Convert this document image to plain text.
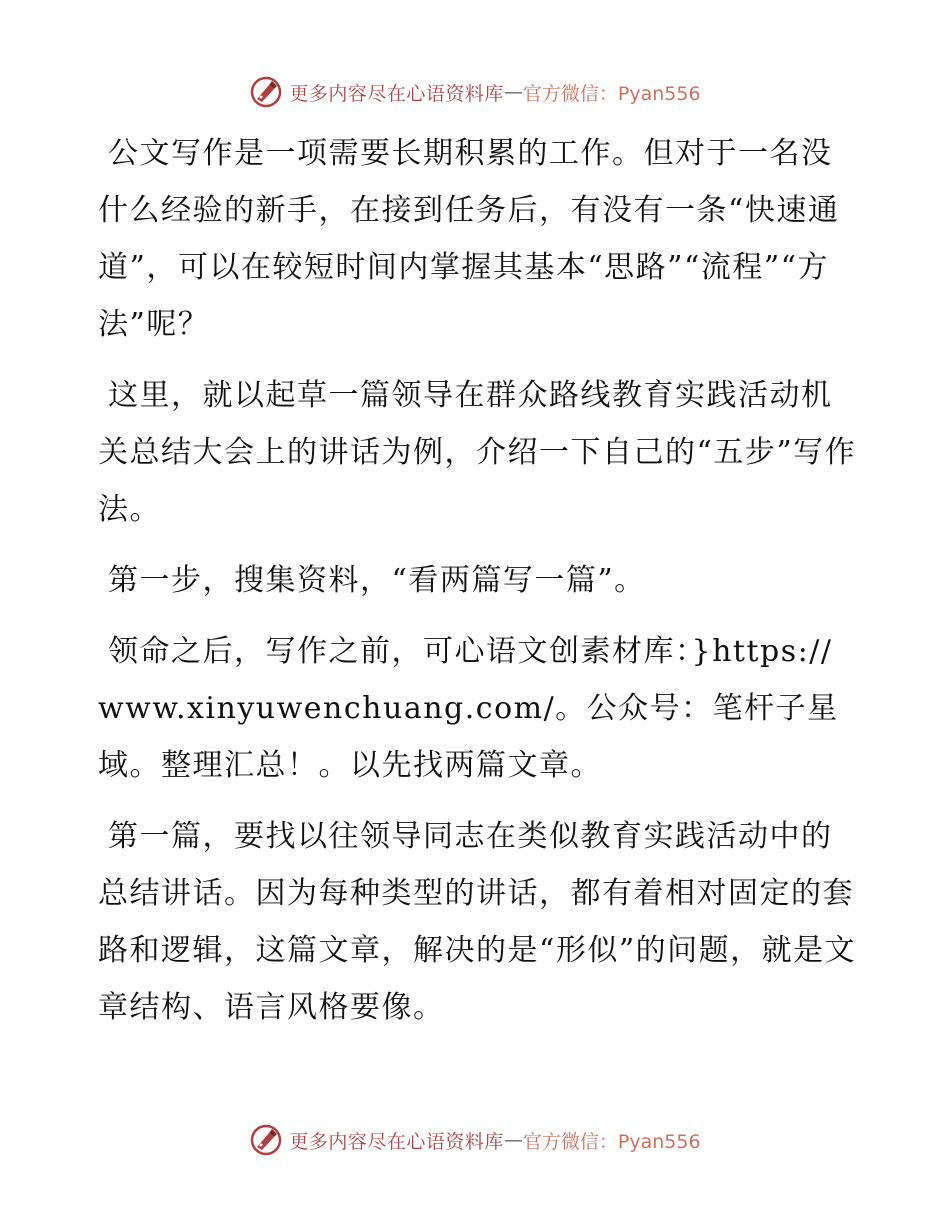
更多内容尽在心语资料库 — 官方微信：Pyan556

公文写作是一项需要长期积累的工作。但对于一名没什么经验的新手，在接到任务后，有没有一条“快速通道”，可以在较短时间内掌握其基本“思路”“流程”“方法”呢？

这里，就以起草一篇领导在群众路线教育实践活动机关总结大会上的讲话为例，介绍一下自己的“五步”写作法。

第一步，搜集资料，“看两篇写一篇”。

领命之后，写作之前，可心语文创素材库：}https://www.xinyuwenchuang.com/。公众号：笔杆子星域。整理汇总！。以先找两篇文章。

第一篇，要找以往领导同志在类似教育实践活动中的总结讲话。因为每种类型的讲话，都有着相对固定的套路和逻辑，这篇文章，解决的是“形似”的问题，就是文章结构、语言风格要像。

更多内容尽在心语资料库 — 官方微信：Pyan556
